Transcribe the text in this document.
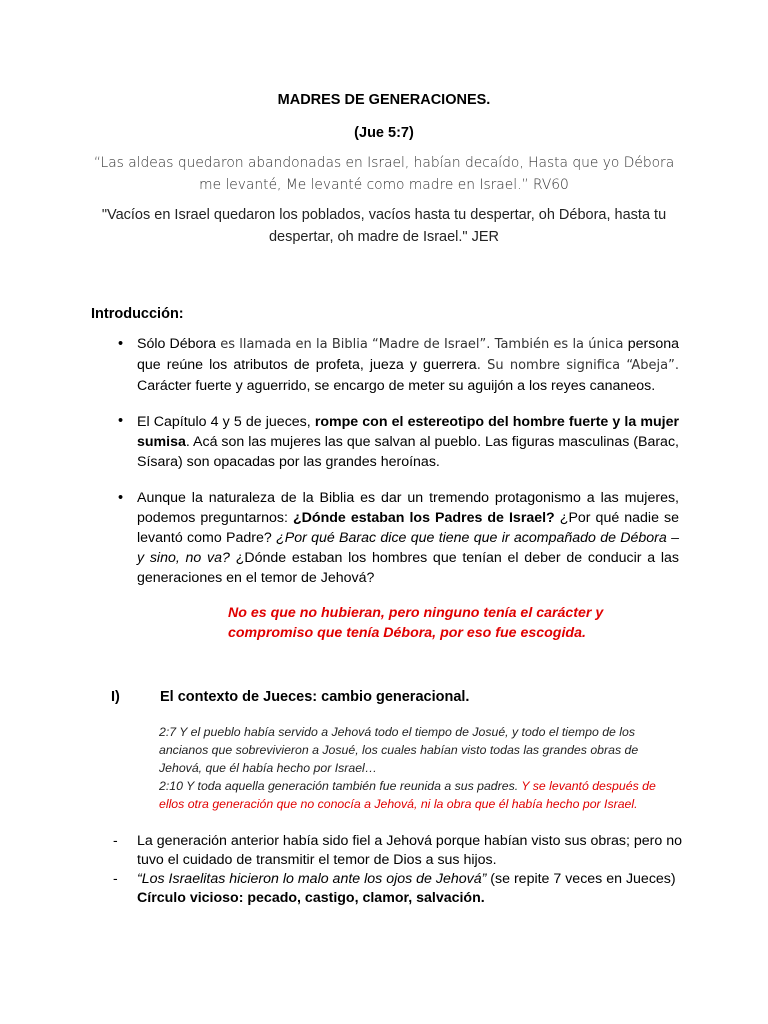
MADRES DE GENERACIONES.
(Jue 5:7)
“Las aldeas quedaron abandonadas en Israel, habían decaído, Hasta que yo Débora me levanté, Me levanté como madre en Israel.” RV60
"Vacíos en Israel quedaron los poblados, vacíos hasta tu despertar, oh Débora, hasta tu despertar, oh madre de Israel." JER
Introducción:
• Sólo Débora es llamada en la Biblia “Madre de Israel”. También es la única persona que reúne los atributos de profeta, jueza y guerrera. Su nombre significa “Abeja”. Carácter fuerte y aguerrido, se encargo de meter su aguijón a los reyes cananeos.
• El Capítulo 4 y 5 de jueces, rompe con el estereotipo del hombre fuerte y la mujer sumisa. Acá son las mujeres las que salvan al pueblo. Las figuras masculinas (Barac, Sísara) son opacadas por las grandes heroínas.
• Aunque la naturaleza de la Biblia es dar un tremendo protagonismo a las mujeres, podemos preguntarnos: ¿Dónde estaban los Padres de Israel? ¿Por qué nadie se levantó como Padre? ¿Por qué Barac dice que tiene que ir acompañado de Débora – y sino, no va? ¿Dónde estaban los hombres que tenían el deber de conducir a las generaciones en el temor de Jehová?
No es que no hubieran, pero ninguno tenía el carácter y compromiso que tenía Débora, por eso fue escogida.
I)	El contexto de Jueces: cambio generacional.
2:7 Y el pueblo había servido a Jehová todo el tiempo de Josué, y todo el tiempo de los ancianos que sobrevivieron a Josué, los cuales habían visto todas las grandes obras de Jehová, que él había hecho por Israel…
2:10 Y toda aquella generación también fue reunida a sus padres. Y se levantó después de ellos otra generación que no conocía a Jehová, ni la obra que él había hecho por Israel.
- La generación anterior había sido fiel a Jehová porque habían visto sus obras; pero no tuvo el cuidado de transmitir el temor de Dios a sus hijos.
- “Los Israelitas hicieron lo malo ante los ojos de Jehová” (se repite 7 veces en Jueces)
Círculo vicioso: pecado, castigo, clamor, salvación.
